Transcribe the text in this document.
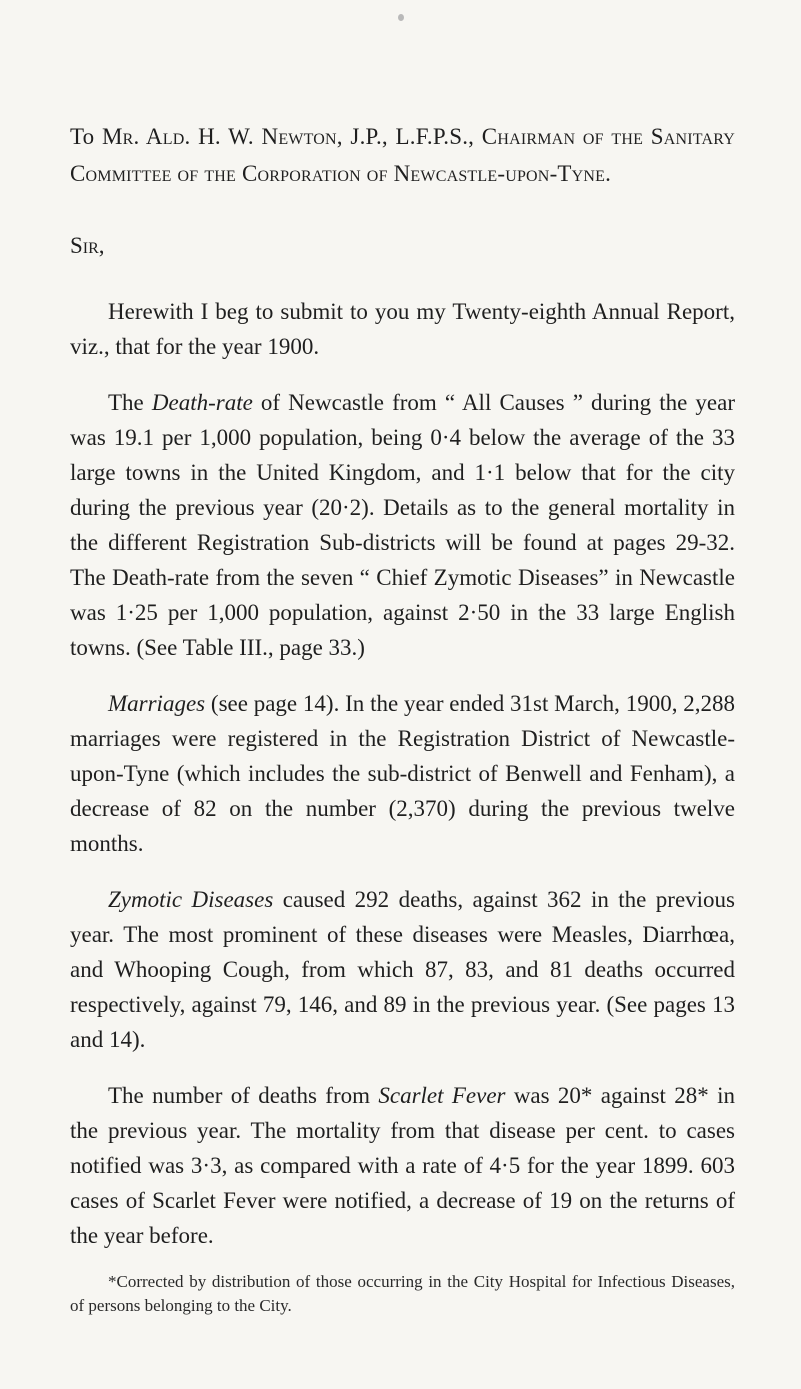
To Mr. Ald. H. W. Newton, J.P., L.F.P.S., Chairman of the Sanitary Committee of the Corporation of Newcastle-upon-Tyne.

Sir,

Herewith I beg to submit to you my Twenty-eighth Annual Report, viz., that for the year 1900.

The Death-rate of Newcastle from “ All Causes ” during the year was 19.1 per 1,000 population, being 0·4 below the average of the 33 large towns in the United Kingdom, and 1·1 below that for the city during the previous year (20·2). Details as to the general mortality in the different Registration Sub-districts will be found at pages 29-32. The Death-rate from the seven “ Chief Zymotic Diseases” in Newcastle was 1·25 per 1,000 population, against 2·50 in the 33 large English towns. (See Table III., page 33.)

Marriages (see page 14). In the year ended 31st March, 1900, 2,288 marriages were registered in the Registration District of Newcastle-upon-Tyne (which includes the sub-district of Benwell and Fenham), a decrease of 82 on the number (2,370) during the previous twelve months.

Zymotic Diseases caused 292 deaths, against 362 in the previous year. The most prominent of these diseases were Measles, Diarrhœa, and Whooping Cough, from which 87, 83, and 81 deaths occurred respectively, against 79, 146, and 89 in the previous year. (See pages 13 and 14).

The number of deaths from Scarlet Fever was 20* against 28* in the previous year. The mortality from that disease per cent. to cases notified was 3·3, as compared with a rate of 4·5 for the year 1899. 603 cases of Scarlet Fever were notified, a decrease of 19 on the returns of the year before.

*Corrected by distribution of those occurring in the City Hospital for Infectious Diseases, of persons belonging to the City.
